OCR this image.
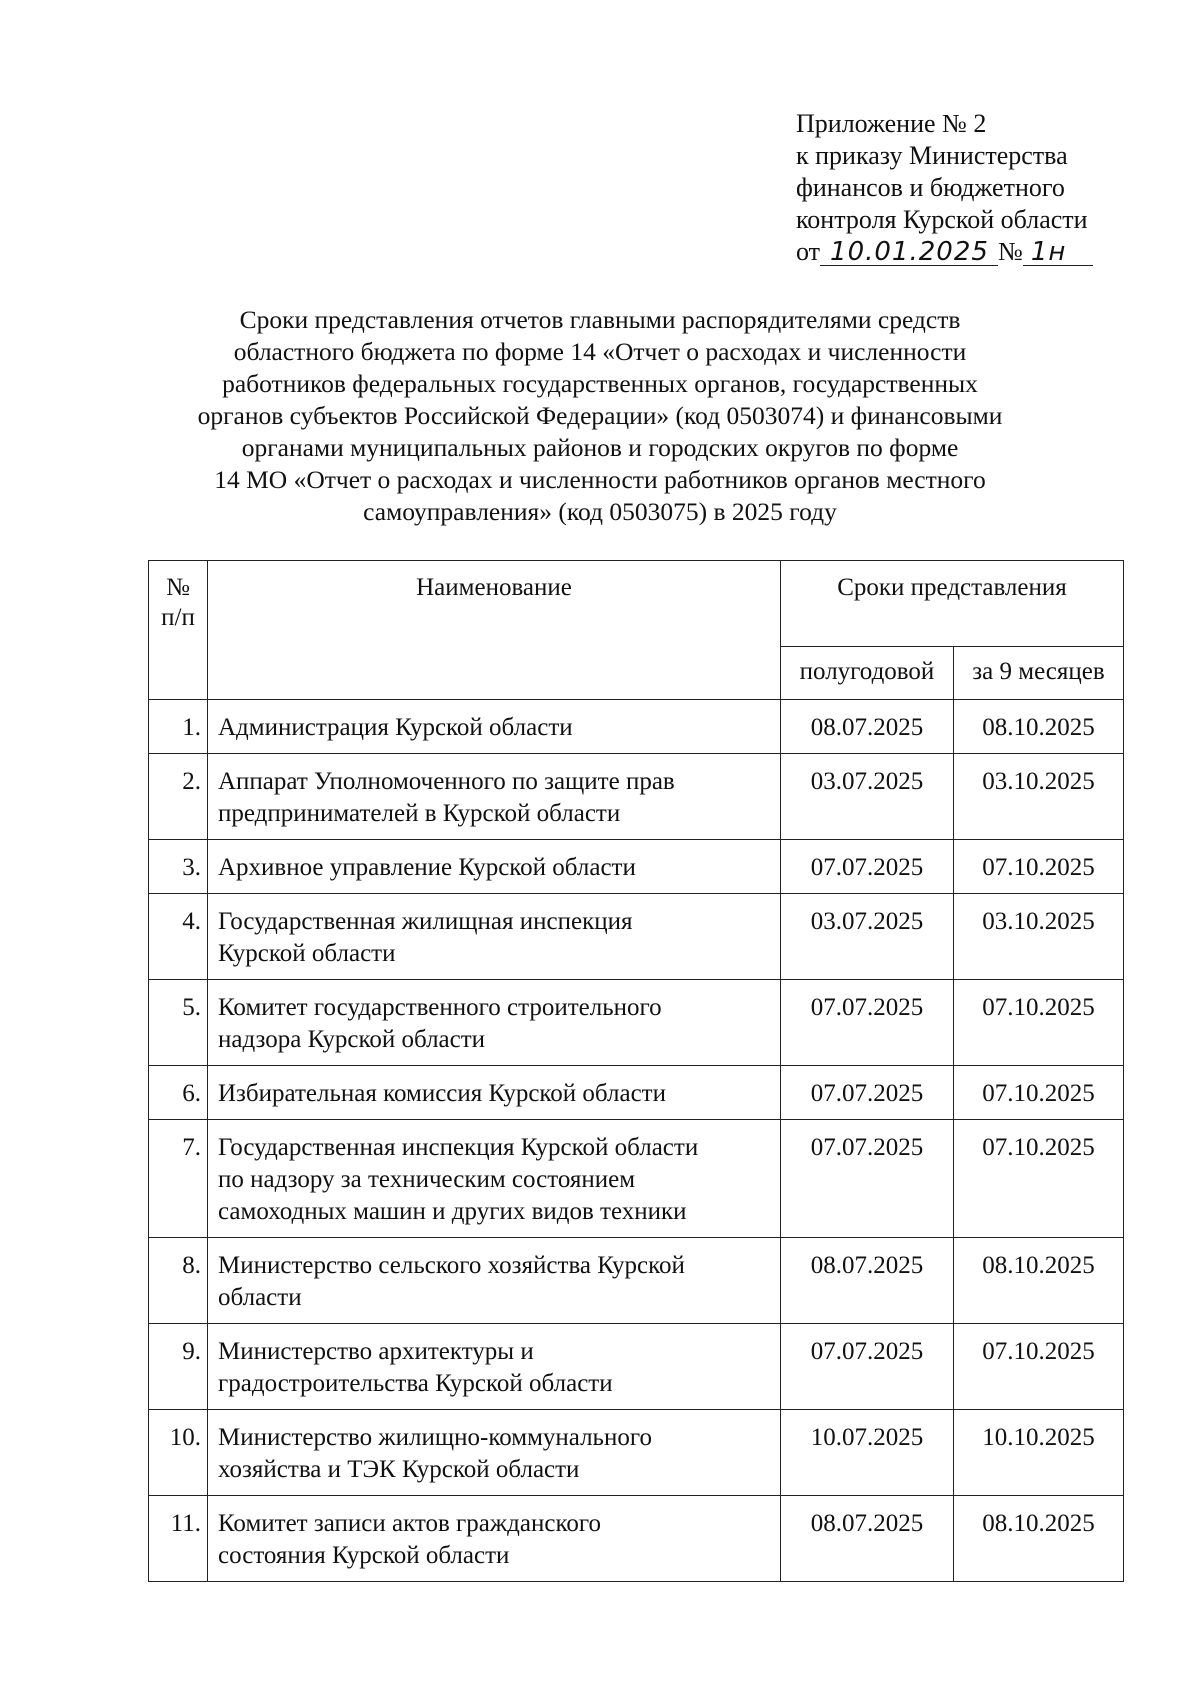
Приложение № 2
к приказу Министерства
финансов и бюджетного
контроля Курской области
от 10.01.2025 № 1н
Сроки представления отчетов главными распорядителями средств
областного бюджета по форме 14 «Отчет о расходах и численности
работников федеральных государственных органов, государственных
органов субъектов Российской Федерации» (код 0503074) и финансовыми
органами муниципальных районов и городских округов по форме
14 МО «Отчет о расходах и численности работников органов местного
самоуправления» (код 0503075) в 2025 году
№
п/п	Наименование	Сроки представления	
		полугодовой	за 9 месяцев

1.	Администрация Курской области	08.07.2025	08.10.2025

2.	Аппарат Уполномоченного по защите прав
предпринимателей в Курской области	03.07.2025	03.10.2025

3.	Архивное управление Курской области	07.07.2025	07.10.2025

4.	Государственная жилищная инспекция
Курской области	03.07.2025	03.10.2025

5.	Комитет государственного строительного
надзора Курской области	07.07.2025	07.10.2025

6.	Избирательная комиссия Курской области	07.07.2025	07.10.2025

7.	Государственная инспекция Курской области
по надзору за техническим состоянием
самоходных машин и других видов техники	07.07.2025	07.10.2025

8.	Министерство сельского хозяйства Курской
области	08.07.2025	08.10.2025

9.	Министерство архитектуры и
градостроительства Курской области	07.07.2025	07.10.2025

10.	Министерство жилищно-коммунального
хозяйства и ТЭК Курской области	10.07.2025	10.10.2025

11.	Комитет записи актов гражданского
состояния Курской области	08.07.2025	08.10.2025
